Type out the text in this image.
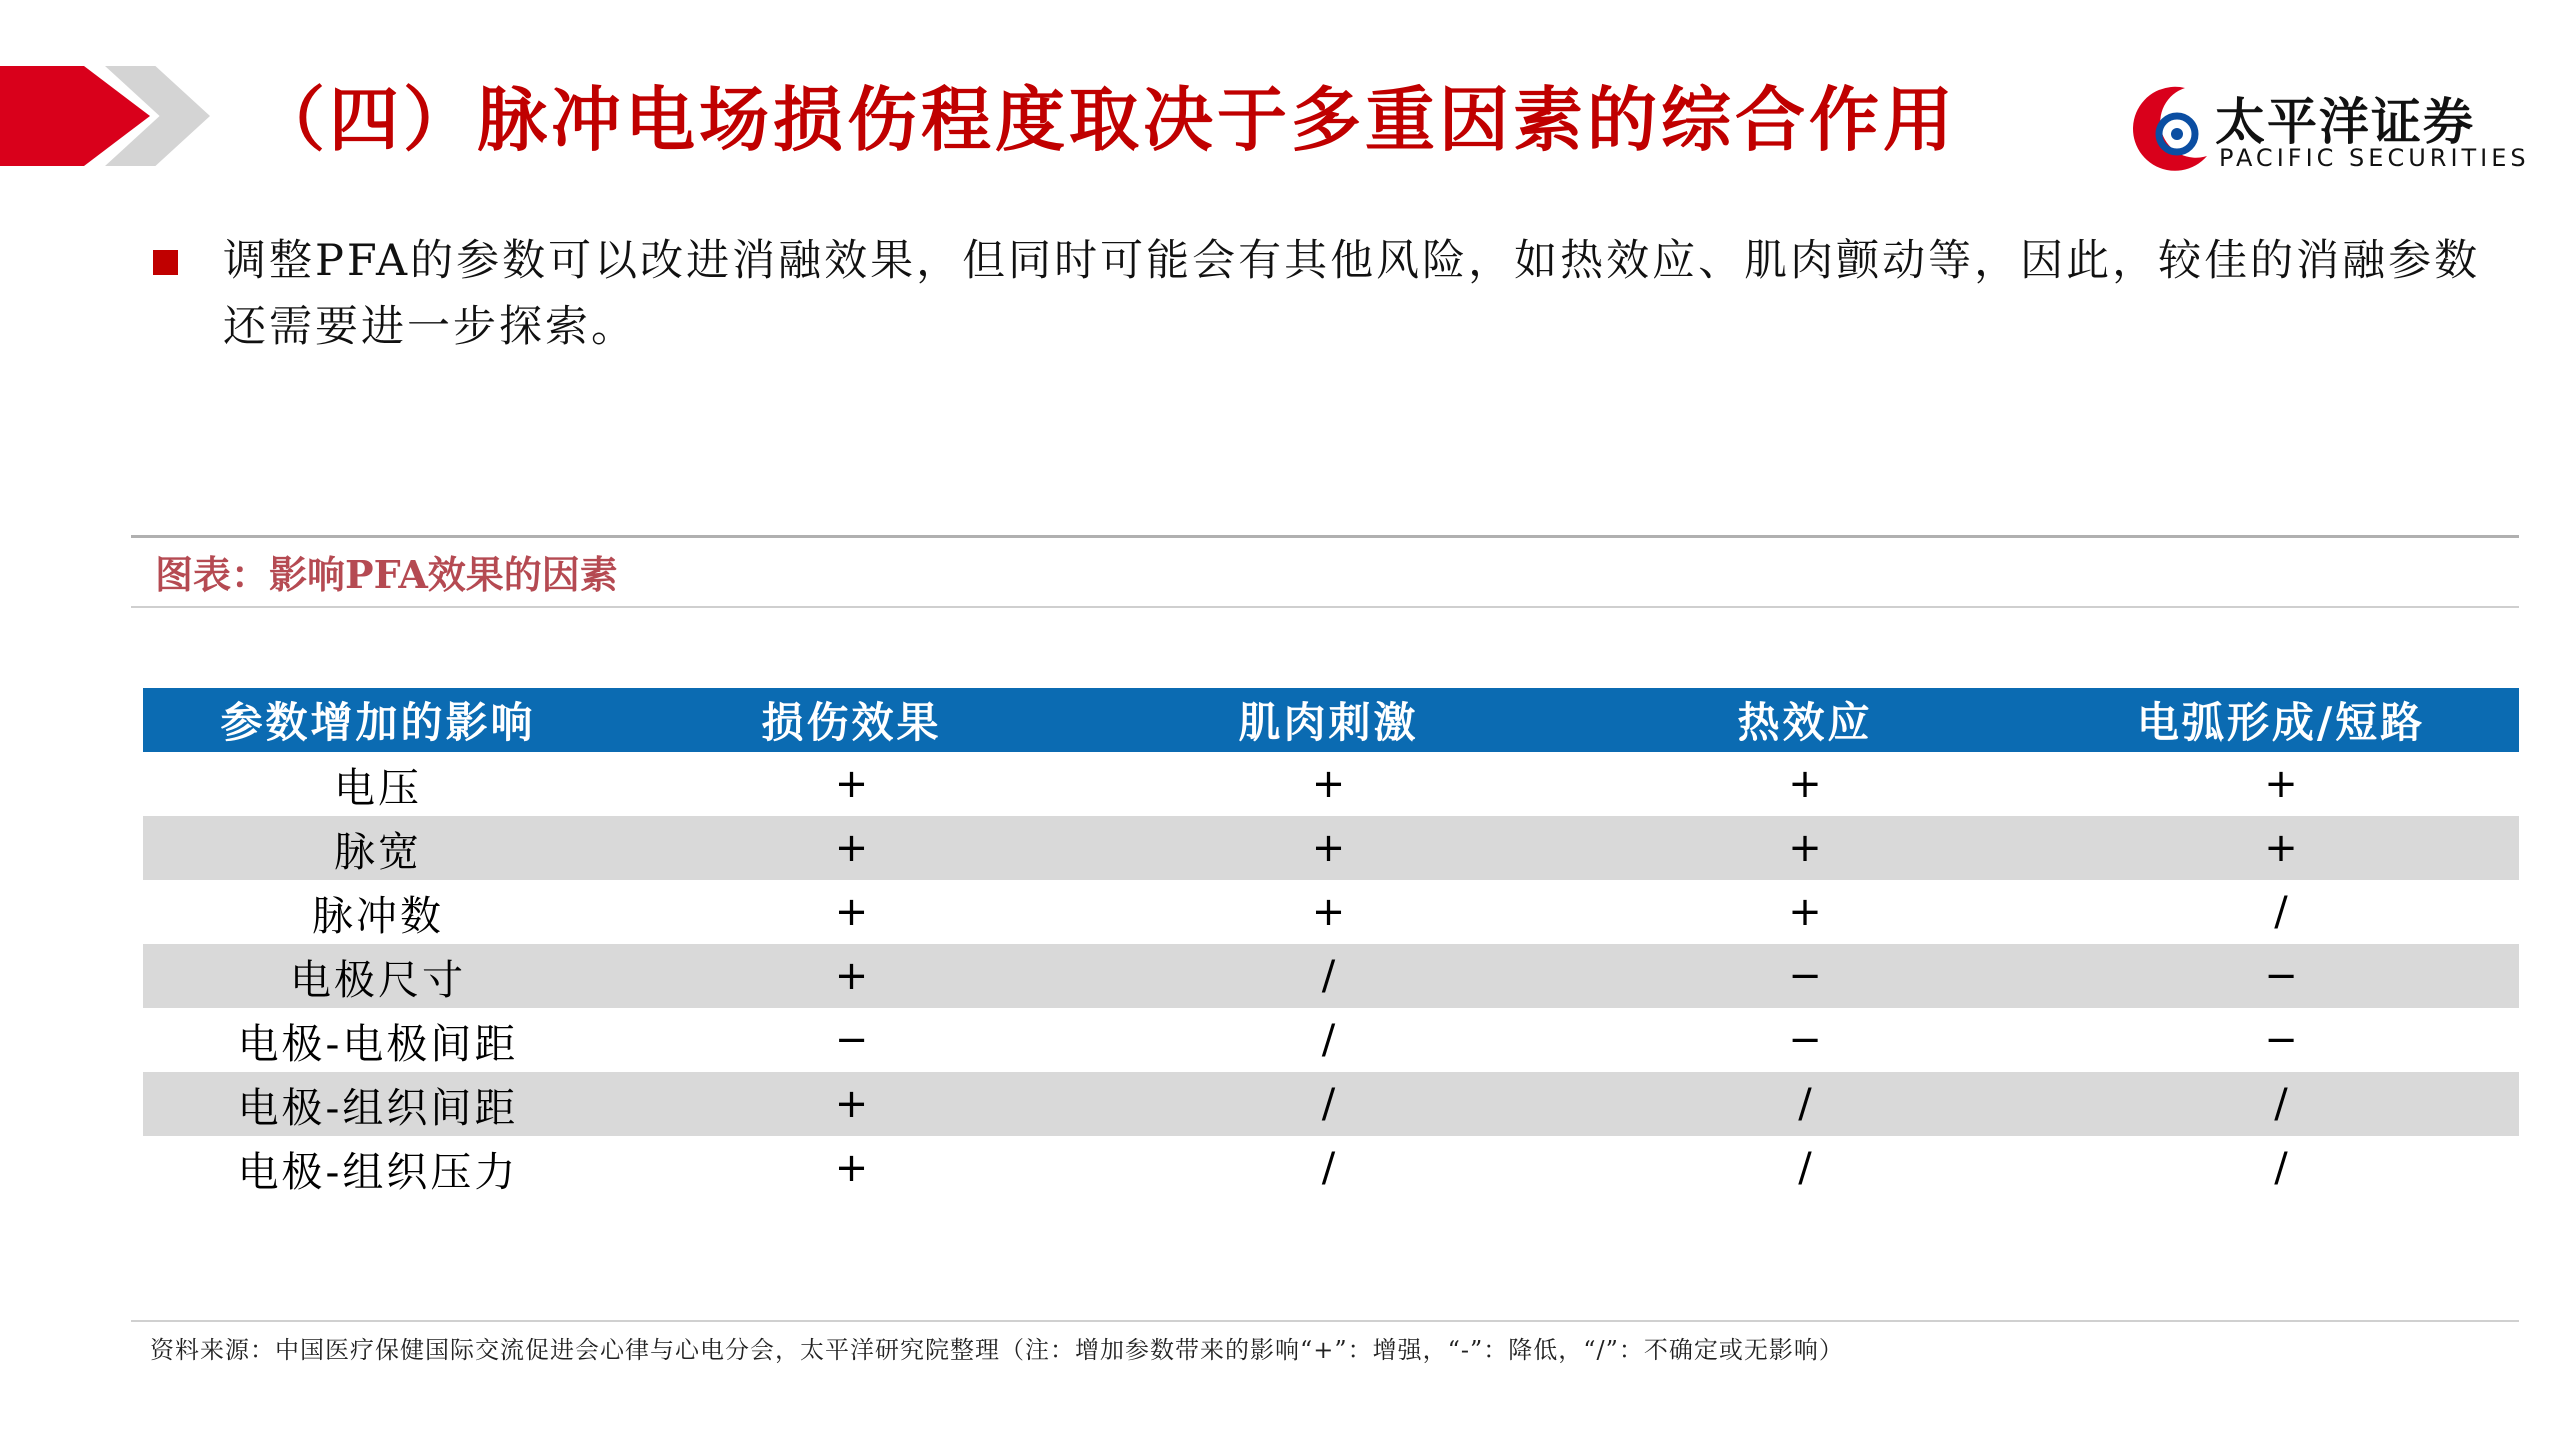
（四）脉冲电场损伤程度取决于多重因素的综合作用	太平洋证券
PACIFIC SECURITIES
调整PFA的参数可以改进消融效果，但同时可能会有其他风险，如热效应、肌肉颤动等，因此，较佳的消融参数还需要进一步探索。
图表：影响PFA效果的因素
参数增加的影响	损伤效果	肌肉刺激	热效应	电弧形成/短路
电压	+	+	+	+
脉宽	+	+	+	+
脉冲数	+	+	+	/
电极尺寸	+	/	−	−
电极-电极间距	−	/	−	−
电极-组织间距	+	/	/	/
电极-组织压力	+	/	/	/
资料来源：中国医疗保健国际交流促进会心律与心电分会，太平洋研究院整理（注：增加参数带来的影响“+”：增强，“-”：降低，“/”：不确定或无影响）
